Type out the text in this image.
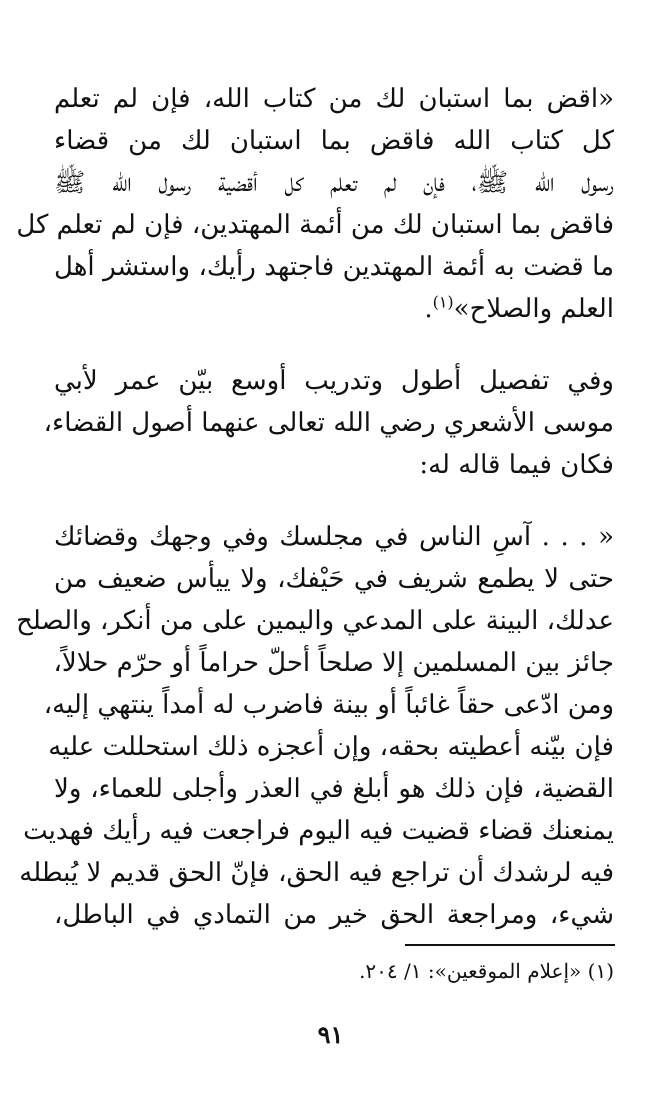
«اقض بما استبان لك من كتاب الله، فإن لم تعلم
كل كتاب الله فاقض بما استبان لك من قضاء
رسول الله ﷺ، فإن لم تعلم كل أقضية رسول الله ﷺ
فاقض بما استبان لك من أئمة المهتدين، فإن لم تعلم كل
ما قضت به أئمة المهتدين فاجتهد رأيك، واستشر أهل
العلم والصلاح»$^{(١)}$.

وفي تفصيل أطول وتدريب أوسع بيّن عمر لأبي
موسى الأشعري رضي الله تعالى عنهما أصول القضاء،
فكان فيما قاله له:

« . . . آسِ الناس في مجلسك وفي وجهك وقضائك
حتى لا يطمع شريف في حَيْفك، ولا ييأس ضعيف من
عدلك، البينة على المدعي واليمين على من أنكر، والصلح
جائز بين المسلمين إلا صلحاً أحلّ حراماً أو حرّم حلالاً،
ومن ادّعى حقاً غائباً أو بينة فاضرب له أمداً ينتهي إليه،
فإن بيّنه أعطيته بحقه، وإن أعجزه ذلك استحللت عليه
القضية، فإن ذلك هو أبلغ في العذر وأجلى للعماء، ولا
يمنعنك قضاء قضيت فيه اليوم فراجعت فيه رأيك فهديت
فيه لرشدك أن تراجع فيه الحق، فإنّ الحق قديم لا يُبطله
شيء، ومراجعة الحق خير من التمادي في الباطل،

(١) «إعلام الموقعين»: ١/ ٢٠٤.
٩١
